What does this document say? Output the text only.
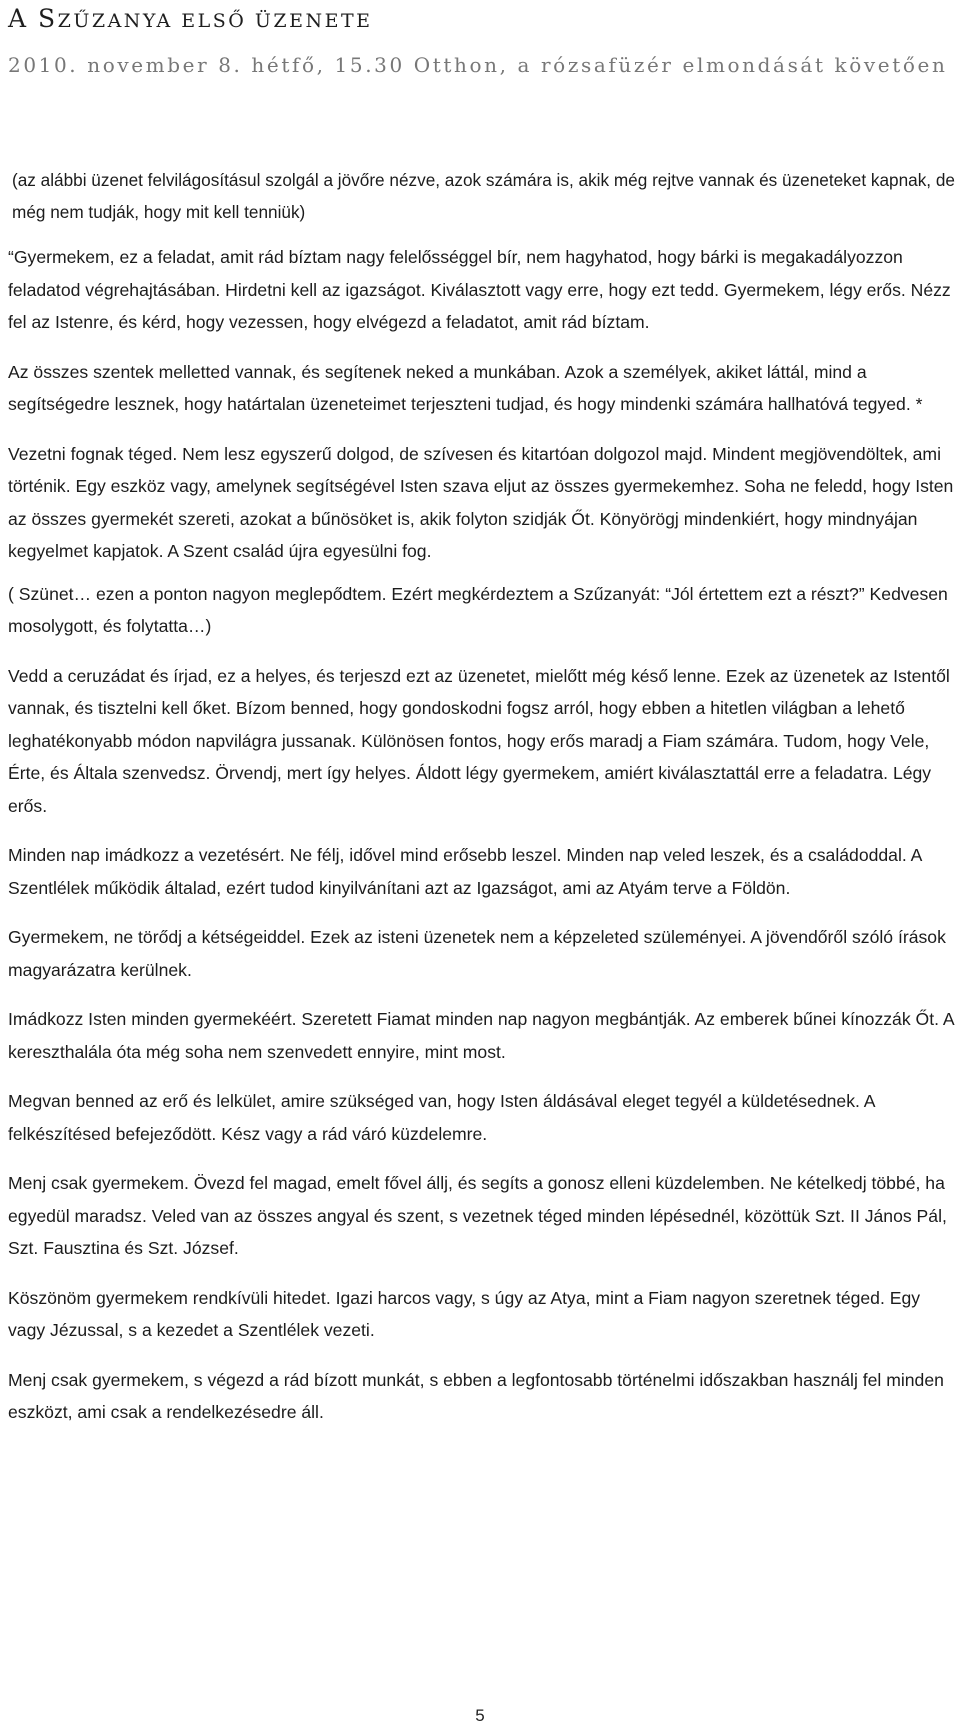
A SZŰZANYA ELSŐ ÜZENETE

2010. november 8. hétfő, 15.30 Otthon, a rózsafüzér elmondását követően

(az alábbi üzenet felvilágosításul szolgál a jövőre nézve, azok számára is, akik még rejtve vannak és üzeneteket kapnak, de még nem tudják, hogy mit kell tenniük)

“Gyermekem, ez a feladat, amit rád bíztam nagy felelősséggel bír, nem hagyhatod, hogy bárki is megakadályozzon feladatod végrehajtásában. Hirdetni kell az igazságot. Kiválasztott vagy erre, hogy ezt tedd. Gyermekem, légy erős. Nézz fel az Istenre, és kérd, hogy vezessen, hogy elvégezd a feladatot, amit rád bíztam.

Az összes szentek melletted vannak, és segítenek neked a munkában. Azok a személyek, akiket láttál, mind a segítségedre lesznek, hogy határtalan üzeneteimet terjeszteni tudjad, és hogy mindenki számára hallhatóvá tegyed. *

Vezetni fognak téged. Nem lesz egyszerű dolgod, de szívesen és kitartóan dolgozol majd. Mindent megjövendöltek, ami történik. Egy eszköz vagy, amelynek segítségével Isten szava eljut az összes gyermekemhez. Soha ne feledd, hogy Isten az összes gyermekét szereti, azokat a bűnösöket is, akik folyton szidják Őt. Könyörögj mindenkiért, hogy mindnyájan kegyelmet kapjatok. A Szent család újra egyesülni fog.

( Szünet… ezen a ponton nagyon meglepődtem. Ezért megkérdeztem a Szűzanyát: “Jól értettem ezt a részt?” Kedvesen mosolygott, és folytatta…)

Vedd a ceruzádat és írjad, ez a helyes, és terjeszd ezt az üzenetet, mielőtt még késő lenne. Ezek az üzenetek az Istentől vannak, és tisztelni kell őket. Bízom benned, hogy gondoskodni fogsz arról, hogy ebben a hitetlen világban a lehető leghatékonyabb módon napvilágra jussanak. Különösen fontos, hogy erős maradj a Fiam számára. Tudom, hogy Vele, Érte, és Általa szenvedsz. Örvendj, mert így helyes. Áldott légy gyermekem, amiért kiválasztattál erre a feladatra. Légy erős.

Minden nap imádkozz a vezetésért. Ne félj, idővel mind erősebb leszel. Minden nap veled leszek, és a családoddal. A Szentlélek működik általad, ezért tudod kinyilvánítani azt az Igazságot, ami az Atyám terve a Földön.

Gyermekem, ne törődj a kétségeiddel. Ezek az isteni üzenetek nem a képzeleted szüleményei. A jövendőről szóló írások magyarázatra kerülnek.

Imádkozz Isten minden gyermekéért. Szeretett Fiamat minden nap nagyon megbántják. Az emberek bűnei kínozzák Őt. A kereszthalála óta még soha nem szenvedett ennyire, mint most.

Megvan benned az erő és lelkület, amire szükséged van, hogy Isten áldásával eleget tegyél a küldetésednek. A felkészítésed befejeződött. Kész vagy a rád váró küzdelemre.

Menj csak gyermekem. Övezd fel magad, emelt fővel állj, és segíts a gonosz elleni küzdelemben. Ne kételkedj többé, ha egyedül maradsz. Veled van az összes angyal és szent, s vezetnek téged minden lépésednél, közöttük Szt. II János Pál, Szt. Fausztina és Szt. József.

Köszönöm gyermekem rendkívüli hitedet. Igazi harcos vagy, s úgy az Atya, mint a Fiam nagyon szeretnek téged. Egy vagy Jézussal, s a kezedet a Szentlélek vezeti.

Menj csak gyermekem, s végezd a rád bízott munkát, s ebben a legfontosabb történelmi időszakban használj fel minden eszközt, ami csak a rendelkezésedre áll.

5
